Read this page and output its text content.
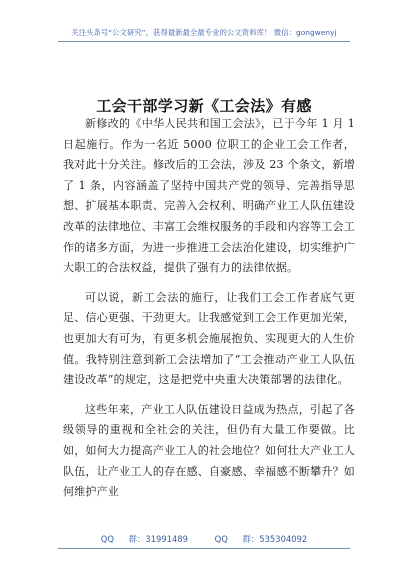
关注头条号“公文研究”，获得最新最全最专业的公文资料库！ 微信：gongwenyj
工会干部学习新《工会法》有感

新修改的《中华人民共和国工会法》，已于今年 1 月 1 日起施行。作为一名近 5000 位职工的企业工会工作者，我对此十分关注。修改后的工会法，涉及 23 个条文，新增了 1 条，内容涵盖了坚持中国共产党的领导、完善指导思想、扩展基本职责、完善入会权利、明确产业工人队伍建设改革的法律地位、丰富工会维权服务的手段和内容等工会工作的诸多方面，为进一步推进工会法治化建设，切实维护广大职工的合法权益，提供了强有力的法律依据。

可以说，新工会法的施行，让我们工会工作者底气更足、信心更强、干劲更大。让我感觉到工会工作更加光荣，也更加大有可为，有更多机会施展抱负、实现更大的人生价值。我特别注意到新工会法增加了“工会推动产业工人队伍建设改革”的规定，这是把党中央重大决策部署的法律化。

这些年来，产业工人队伍建设日益成为热点，引起了各级领导的重视和全社会的关注，但仍有大量工作要做。比如，如何大力提高产业工人的社会地位？如何壮大产业工人队伍，让产业工人的存在感、自豪感、幸福感不断攀升？如何维护产业

QQ 群：31991489	QQ 群：535304092
